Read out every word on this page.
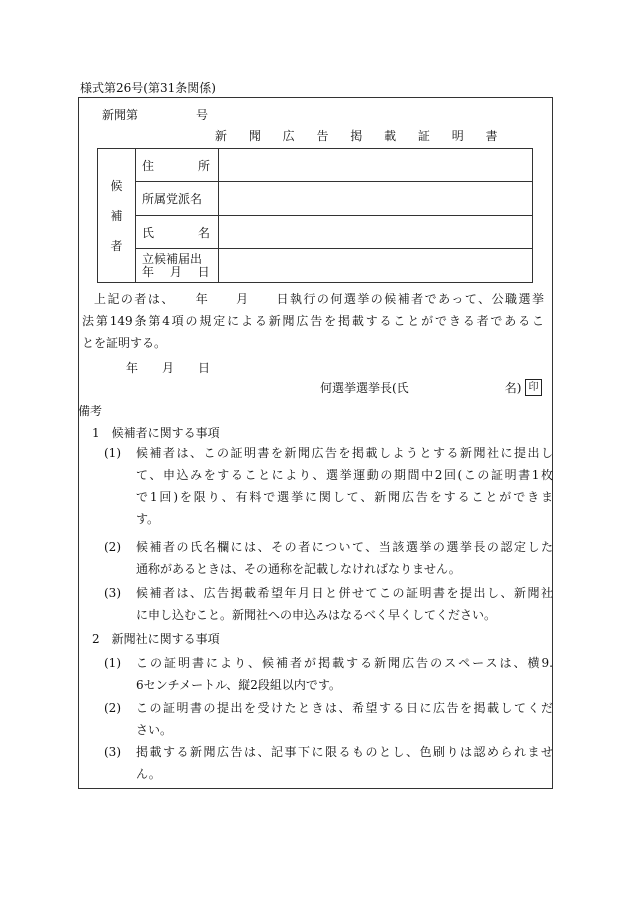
様式第26号(第31条関係)
新聞第	号
新 聞 広 告 掲 載 証 明 書
候
補
者	住 所	

	所属党派名	

	氏 名	

	立候補届出
年　 月　 日	

上記の者は、　　年　　月　　日執行の何選挙の候補者であって、公職選挙
法第149条第4項の規定による新聞広告を掲載することができる者であるこ
とを証明する。
年 月 日
何選挙選挙長(氏	名) 印
備考
1　候補者に関する事項
(1) 候補者は、この証明書を新聞広告を掲載しようとする新聞社に提出し
て、申込みをすることにより、選挙運動の期間中2回(この証明書1枚
で1回)を限り、有料で選挙に関して、新聞広告をすることができま
す。
(2) 候補者の氏名欄には、その者について、当該選挙の選挙長の認定した
通称があるときは、その通称を記載しなければなりません。
(3) 候補者は、広告掲載希望年月日と併せてこの証明書を提出し、新聞社
に申し込むこと。新聞社への申込みはなるべく早くしてください。
2　新聞社に関する事項
(1) この証明書により、候補者が掲載する新聞広告のスペースは、横9.
6センチメートル、縦2段組以内です。
(2) この証明書の提出を受けたときは、希望する日に広告を掲載してくだ
さい。
(3) 掲載する新聞広告は、記事下に限るものとし、色刷りは認められませ
ん。
